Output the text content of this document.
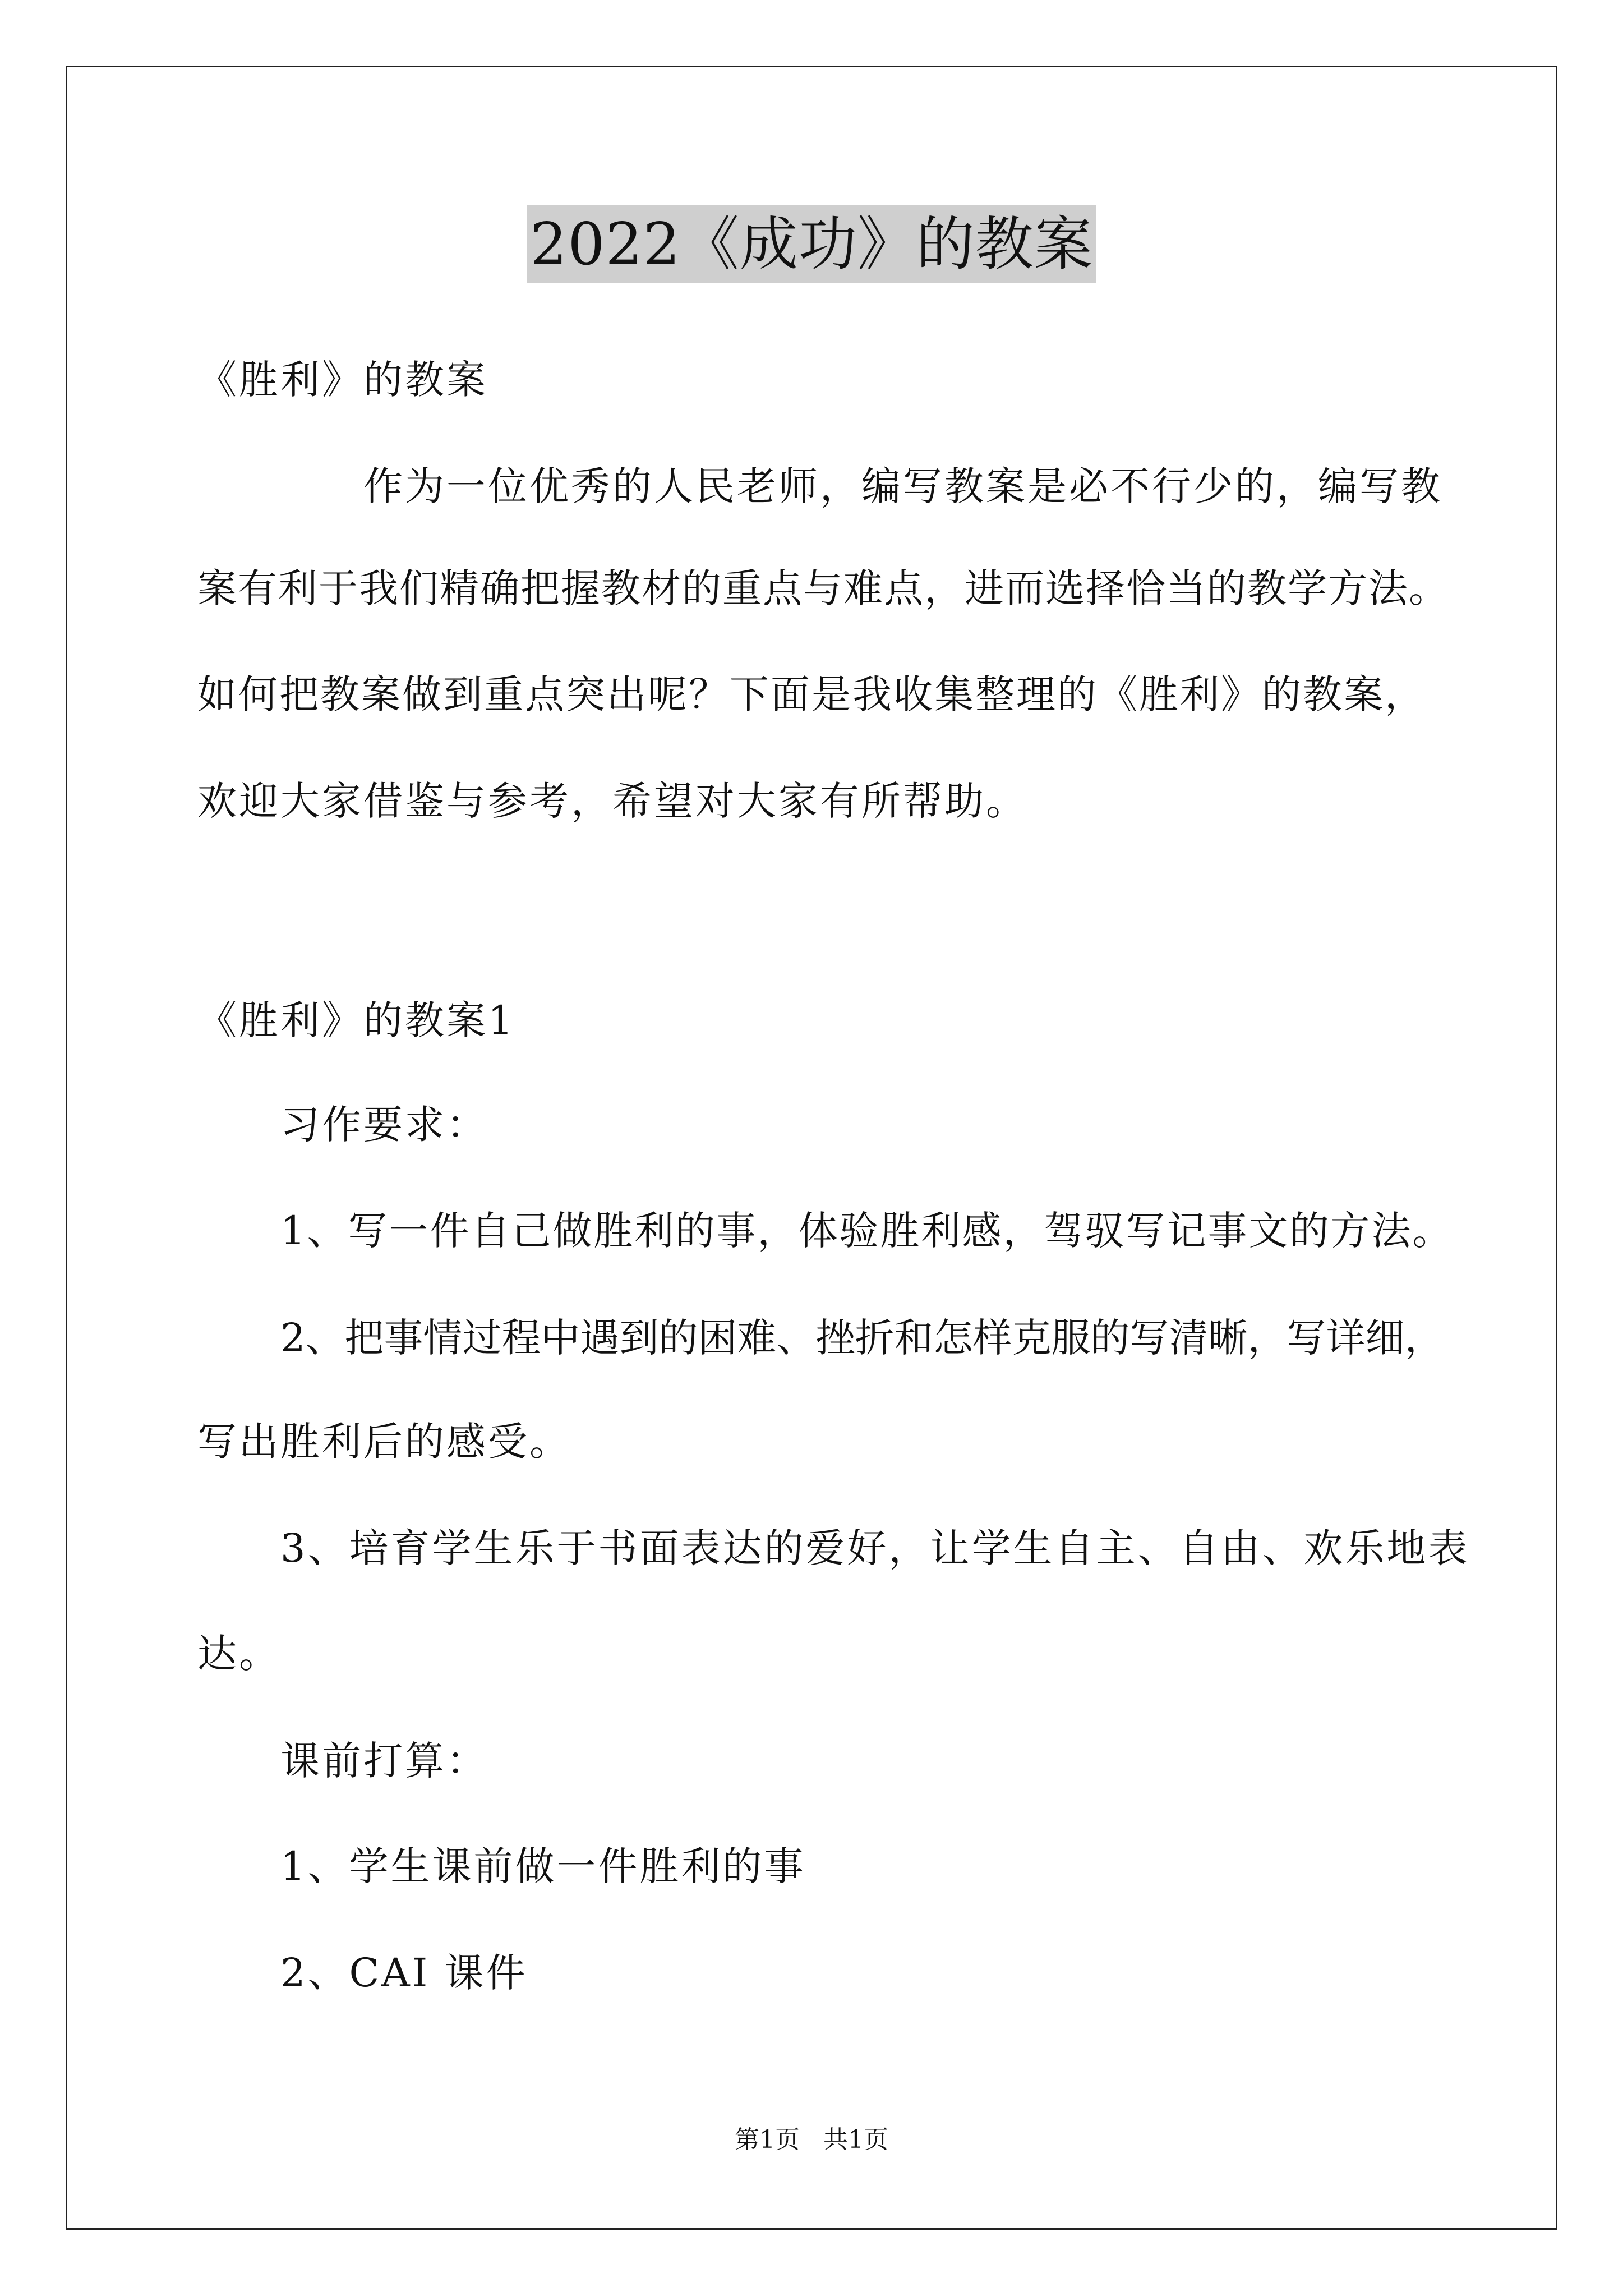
2022《成功》的教案
《胜利》的教案
作为一位优秀的人民老师，编写教案是必不行少的，编写教
案有利于我们精确把握教材的重点与难点，进而选择恰当的教学方法。
如何把教案做到重点突出呢？下面是我收集整理的《胜利》的教案，
欢迎大家借鉴与参考，希望对大家有所帮助。
《胜利》的教案1
习作要求：
1、写一件自己做胜利的事，体验胜利感，驾驭写记事文的方法。
2、把事情过程中遇到的困难、挫折和怎样克服的写清晰，写详细，
写出胜利后的感受。
3、培育学生乐于书面表达的爱好，让学生自主、自由、欢乐地表
达。
课前打算：
1、学生课前做一件胜利的事
2、CAI 课件
第1页   共1页
